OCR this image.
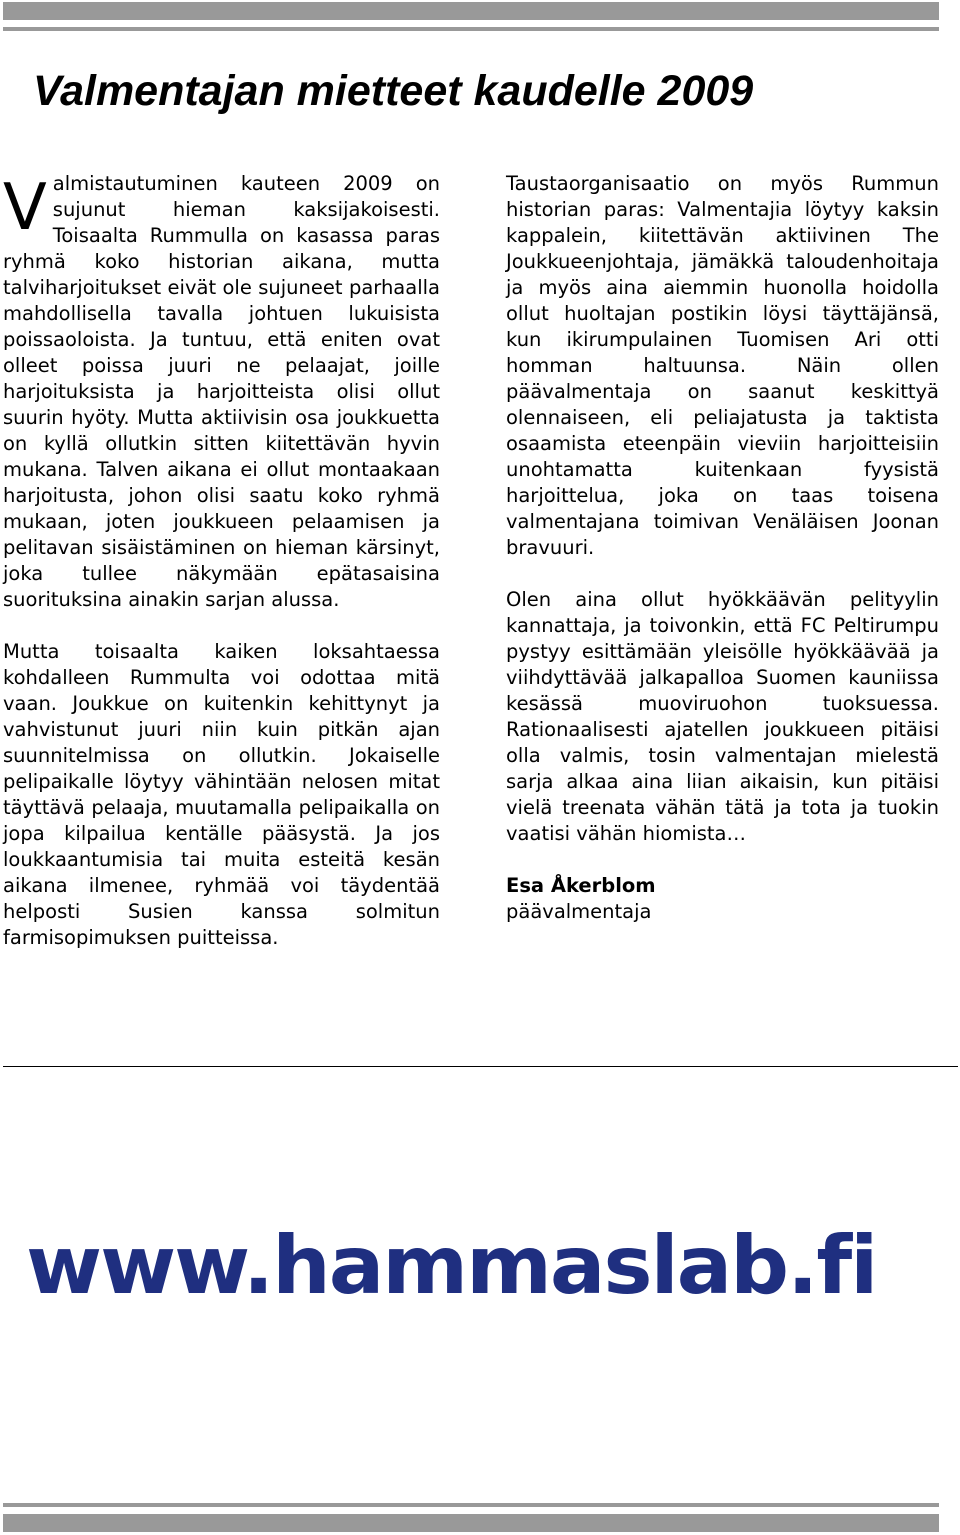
Valmentajan mietteet kaudelle 2009

Valmistautuminen kauteen 2009 on sujunut hieman kaksijakoisesti. Toisaalta Rummulla on kasassa paras ryhmä koko historian aikana, mutta talviharjoitukset eivät ole sujuneet parhaalla mahdollisella tavalla johtuen lukuisista poissaoloista. Ja tuntuu, että eniten ovat olleet poissa juuri ne pelaajat, joille harjoituksista ja harjoitteista olisi ollut suurin hyöty. Mutta aktiivisin osa joukkuetta on kyllä ollutkin sitten kiitettävän hyvin mukana. Talven aikana ei ollut montaakaan harjoitusta, johon olisi saatu koko ryhmä mukaan, joten joukkueen pelaamisen ja pelitavan sisäistäminen on hieman kärsinyt, joka tullee näkymään epätasaisina suorituksina ainakin sarjan alussa.

Mutta toisaalta kaiken loksahtaessa kohdalleen Rummulta voi odottaa mitä vaan. Joukkue on kuitenkin kehittynyt ja vahvistunut juuri niin kuin pitkän ajan suunnitelmissa on ollutkin. Jokaiselle pelipaikalle löytyy vähintään nelosen mitat täyttävä pelaaja, muutamalla pelipaikalla on jopa kilpailua kentälle pääsystä. Ja jos loukkaantumisia tai muita esteitä kesän aikana ilmenee, ryhmää voi täydentää helposti Susien kanssa solmitun farmisopimuksen puitteissa.

Taustaorganisaatio on myös Rummun historian paras: Valmentajia löytyy kaksin kappalein, kiitettävän aktiivinen The Joukkueenjohtaja, jämäkkä taloudenhoitaja ja myös aina aiemmin huonolla hoidolla ollut huoltajan postikin löysi täyttäjänsä, kun ikirumpulainen Tuomisen Ari otti homman haltuunsa. Näin ollen päävalmentaja on saanut keskittyä olennaiseen, eli peliajatusta ja taktista osaamista eteenpäin vieviin harjoitteisiin unohtamatta kuitenkaan fyysistä harjoittelua, joka on taas toisena valmentajana toimivan Venäläisen Joonan bravuuri.

Olen aina ollut hyökkäävän pelityylin kannattaja, ja toivonkin, että FC Peltirumpu pystyy esittämään yleisölle hyökkäävää ja viihdyttävää jalkapalloa Suomen kauniissa kesässä muoviruohon tuoksuessa. Rationaalisesti ajatellen joukkueen pitäisi olla valmis, tosin valmentajan mielestä sarja alkaa aina liian aikaisin, kun pitäisi vielä treenata vähän tätä ja tota ja tuokin vaatisi vähän hiomista…

Esa Åkerblom
päävalmentaja

www.hammaslab.fi
